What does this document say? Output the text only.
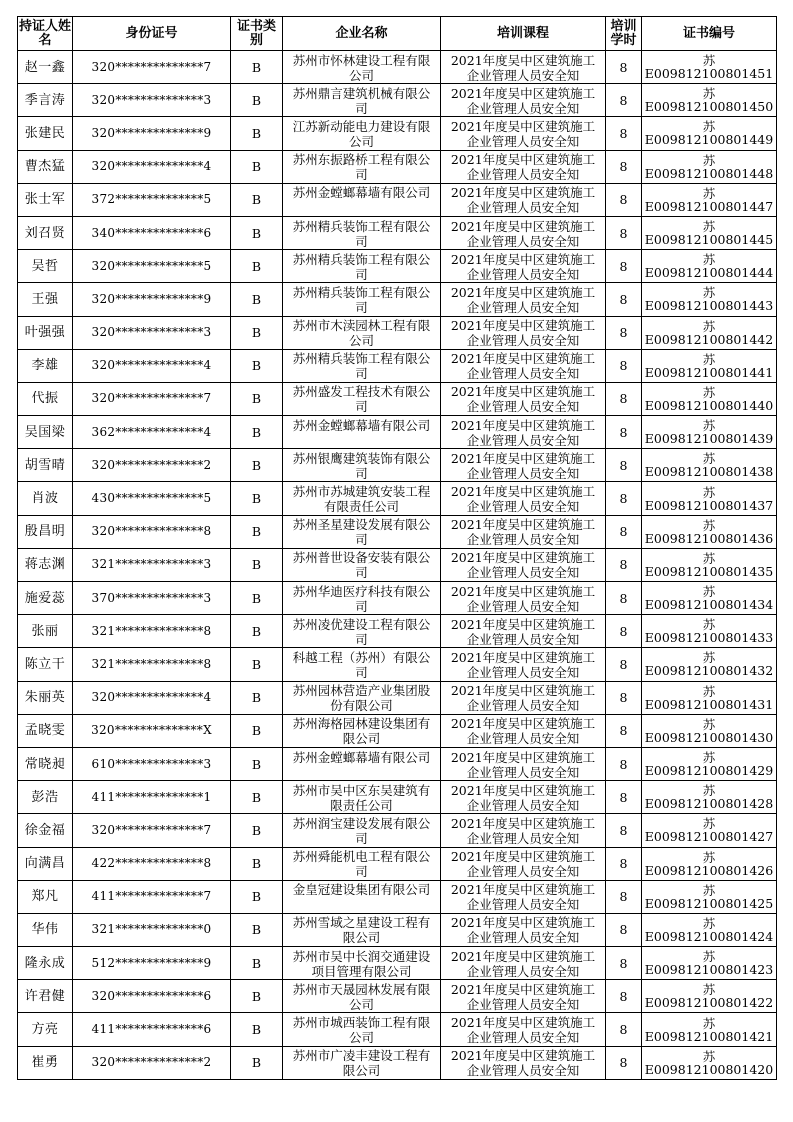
持证人姓名	身份证号	证书类别	企业名称	培训课程	培训学时	证书编号
赵一鑫	320**************7	B	苏州市怀林建设工程有限公司	2021年度吴中区建筑施工企业管理人员安全知	8	苏E009812100801451
季言涛	320**************3	B	苏州鼎言建筑机械有限公司	2021年度吴中区建筑施工企业管理人员安全知	8	苏E009812100801450
张建民	320**************9	B	江苏新动能电力建设有限公司	2021年度吴中区建筑施工企业管理人员安全知	8	苏E009812100801449
曹杰猛	320**************4	B	苏州东振路桥工程有限公司	2021年度吴中区建筑施工企业管理人员安全知	8	苏E009812100801448
张士军	372**************5	B	苏州金螳螂幕墙有限公司	2021年度吴中区建筑施工企业管理人员安全知	8	苏E009812100801447
刘召贤	340**************6	B	苏州精兵装饰工程有限公司	2021年度吴中区建筑施工企业管理人员安全知	8	苏E009812100801445
吴哲	320**************5	B	苏州精兵装饰工程有限公司	2021年度吴中区建筑施工企业管理人员安全知	8	苏E009812100801444
王强	320**************9	B	苏州精兵装饰工程有限公司	2021年度吴中区建筑施工企业管理人员安全知	8	苏E009812100801443
叶强强	320**************3	B	苏州市木渎园林工程有限公司	2021年度吴中区建筑施工企业管理人员安全知	8	苏E009812100801442
李雄	320**************4	B	苏州精兵装饰工程有限公司	2021年度吴中区建筑施工企业管理人员安全知	8	苏E009812100801441
代振	320**************7	B	苏州盛发工程技术有限公司	2021年度吴中区建筑施工企业管理人员安全知	8	苏E009812100801440
吴国梁	362**************4	B	苏州金螳螂幕墙有限公司	2021年度吴中区建筑施工企业管理人员安全知	8	苏E009812100801439
胡雪晴	320**************2	B	苏州银鹰建筑装饰有限公司	2021年度吴中区建筑施工企业管理人员安全知	8	苏E009812100801438
肖波	430**************5	B	苏州市苏城建筑安装工程有限责任公司	2021年度吴中区建筑施工企业管理人员安全知	8	苏E009812100801437
殷昌明	320**************8	B	苏州圣星建设发展有限公司	2021年度吴中区建筑施工企业管理人员安全知	8	苏E009812100801436
蒋志渊	321**************3	B	苏州普世设备安装有限公司	2021年度吴中区建筑施工企业管理人员安全知	8	苏E009812100801435
施爱蕊	370**************3	B	苏州华迪医疗科技有限公司	2021年度吴中区建筑施工企业管理人员安全知	8	苏E009812100801434
张丽	321**************8	B	苏州凌优建设工程有限公司	2021年度吴中区建筑施工企业管理人员安全知	8	苏E009812100801433
陈立干	321**************8	B	科越工程（苏州）有限公司	2021年度吴中区建筑施工企业管理人员安全知	8	苏E009812100801432
朱丽英	320**************4	B	苏州园林营造产业集团股份有限公司	2021年度吴中区建筑施工企业管理人员安全知	8	苏E009812100801431
孟晓雯	320**************X	B	苏州海格园林建设集团有限公司	2021年度吴中区建筑施工企业管理人员安全知	8	苏E009812100801430
常晓昶	610**************3	B	苏州金螳螂幕墙有限公司	2021年度吴中区建筑施工企业管理人员安全知	8	苏E009812100801429
彭浩	411**************1	B	苏州市吴中区东吴建筑有限责任公司	2021年度吴中区建筑施工企业管理人员安全知	8	苏E009812100801428
徐金福	320**************7	B	苏州润宝建设发展有限公司	2021年度吴中区建筑施工企业管理人员安全知	8	苏E009812100801427
向满昌	422**************8	B	苏州舜能机电工程有限公司	2021年度吴中区建筑施工企业管理人员安全知	8	苏E009812100801426
郑凡	411**************7	B	金皇冠建设集团有限公司	2021年度吴中区建筑施工企业管理人员安全知	8	苏E009812100801425
华伟	321**************0	B	苏州雪域之星建设工程有限公司	2021年度吴中区建筑施工企业管理人员安全知	8	苏E009812100801424
隆永成	512**************9	B	苏州市吴中长润交通建设项目管理有限公司	2021年度吴中区建筑施工企业管理人员安全知	8	苏E009812100801423
许君健	320**************6	B	苏州市天晟园林发展有限公司	2021年度吴中区建筑施工企业管理人员安全知	8	苏E009812100801422
方亮	411**************6	B	苏州市城西装饰工程有限公司	2021年度吴中区建筑施工企业管理人员安全知	8	苏E009812100801421
崔勇	320**************2	B	苏州市广凌丰建设工程有限公司	2021年度吴中区建筑施工企业管理人员安全知	8	苏E009812100801420
